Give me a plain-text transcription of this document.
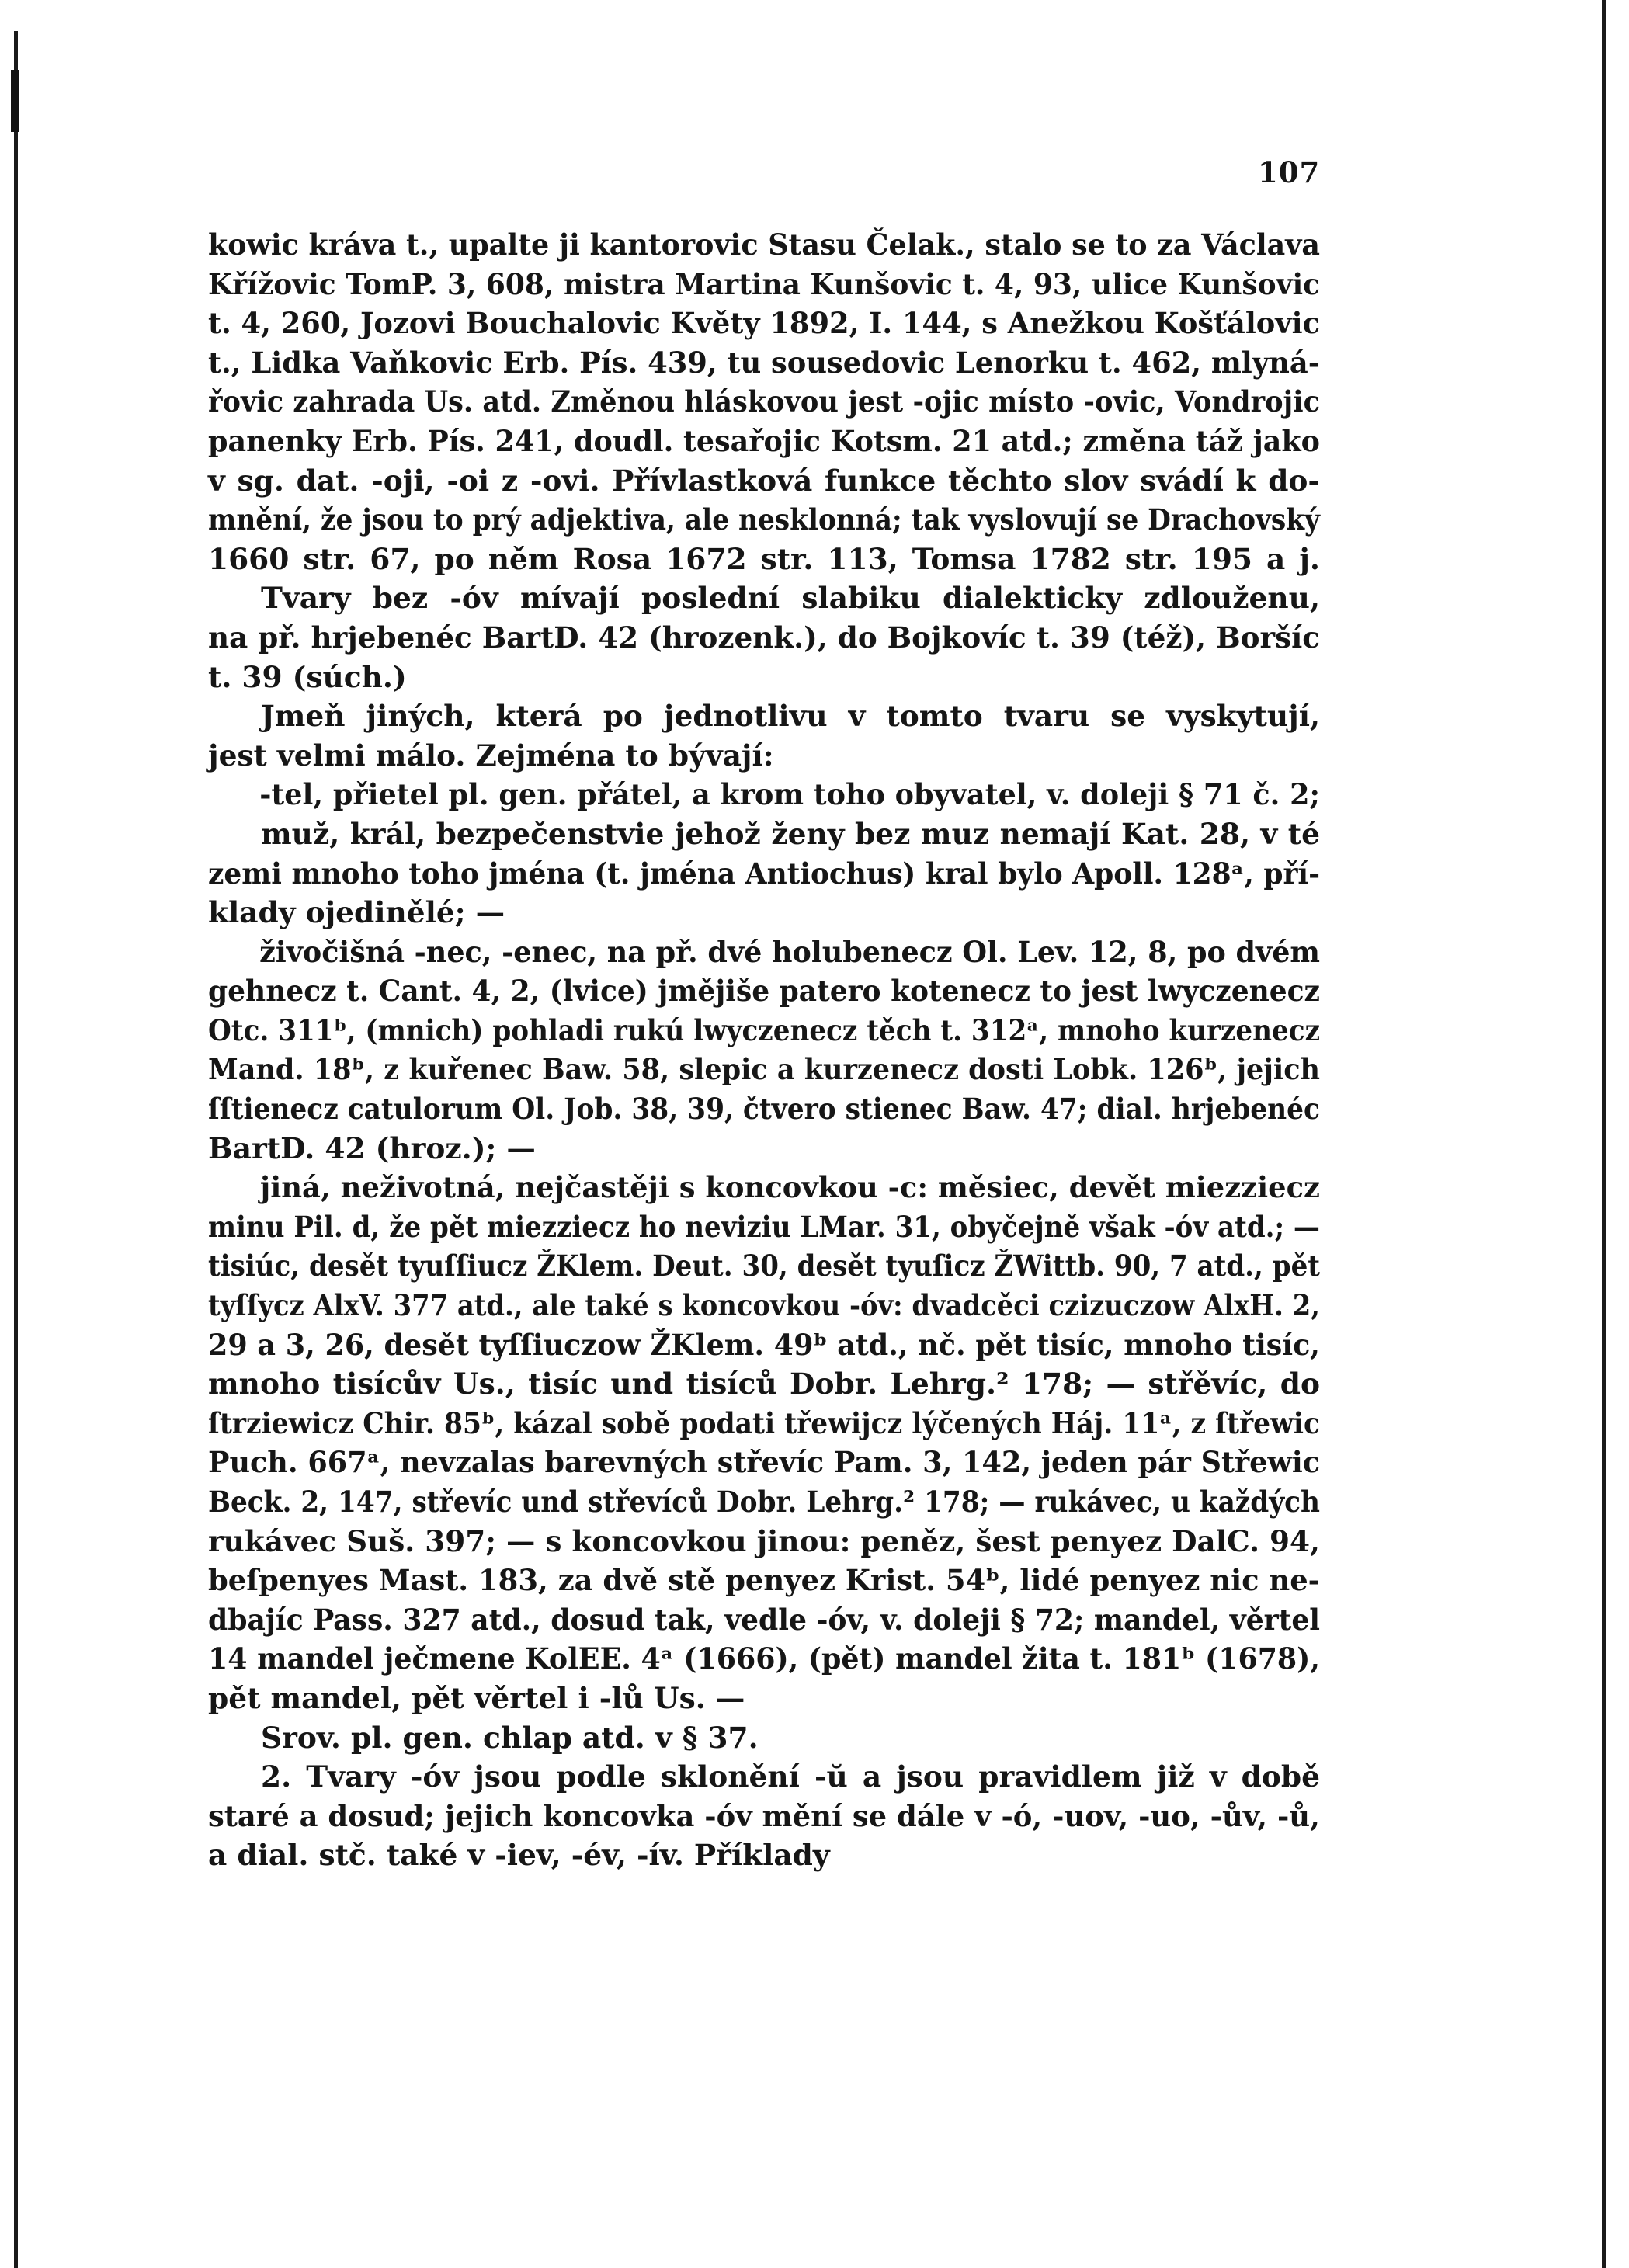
107
kowic kráva t., upalte ji kantorovic Stasu Čelak., stalo se to za Václava
Křížovic TomP. 3, 608, mistra Martina Kunšovic t. 4, 93, ulice Kunšovic
t. 4, 260, Jozovi Bouchalovic Květy 1892, I. 144, s Anežkou Košťálovic
t., Lidka Vaňkovic Erb. Pís. 439, tu sousedovic Lenorku t. 462, mlyná-
řovic zahrada Us. atd. Změnou hláskovou jest -ojic místo -ovic, Vondrojic
panenky Erb. Pís. 241, doudl. tesařojic Kotsm. 21 atd.; změna táž jako
v sg. dat. -oji, -oi z -ovi. Přívlastková funkce těchto slov svádí k do-
mnění, že jsou to prý adjektiva, ale nesklonná; tak vyslovují se Drachovský
1660 str. 67, po něm Rosa 1672 str. 113, Tomsa 1782 str. 195 a j.
Tvary bez -óv mívají poslední slabiku dialekticky zdlouženu,
na př. hrjebenéc BartD. 42 (hrozenk.), do Bojkovíc t. 39 (též), Boršíc
t. 39 (súch.)
Jmeň jiných, která po jednotlivu v tomto tvaru se vyskytují,
jest velmi málo. Zejména to bývají:
-tel, přietel pl. gen. přátel, a krom toho obyvatel, v. doleji § 71 č. 2;
muž, král, bezpečenstvie jehož ženy bez muz nemají Kat. 28, v té
zemi mnoho toho jména (t. jména Antiochus) kral bylo Apoll. 128ᵃ, pří-
klady ojedinělé; —
živočišná -nec, -enec, na př. dvé holubenecz Ol. Lev. 12, 8, po dvém
gehnecz t. Cant. 4, 2, (lvice) jmějiše patero kotenecz to jest lwyczenecz
Otc. 311ᵇ, (mnich) pohladi rukú lwyczenecz těch t. 312ᵃ, mnoho kurzenecz
Mand. 18ᵇ, z kuřenec Baw. 58, slepic a kurzenecz dosti Lobk. 126ᵇ, jejich
ſſtienecz catulorum Ol. Job. 38, 39, čtvero stienec Baw. 47; dial. hrjebenéc
BartD. 42 (hroz.); —
jiná, neživotná, nejčastěji s koncovkou -c: měsiec, devět miezziecz
minu Pil. d, že pět miezziecz ho neviziu LMar. 31, obyčejně však -óv atd.; —
tisiúc, desět tyuſſiucz ŽKlem. Deut. 30, desět tyuſicz ŽWittb. 90, 7 atd., pět
tyſſycz AlxV. 377 atd., ale také s koncovkou -óv: dvadcěci czizuczow AlxH. 2,
29 a 3, 26, desět tyſſiuczow ŽKlem. 49ᵇ atd., nč. pět tisíc, mnoho tisíc,
mnoho tisícův Us., tisíc und tisíců Dobr. Lehrg.² 178; — střěvíc, do
ſtrziewicz Chir. 85ᵇ, kázal sobě podati třewijcz lýčených Háj. 11ᵃ, z ſtřewic
Puch. 667ᵃ, nevzalas barevných střevíc Pam. 3, 142, jeden pár Střewic
Beck. 2, 147, střevíc und střevíců Dobr. Lehrg.² 178; — rukávec, u každých
rukávec Suš. 397; — s koncovkou jinou: peněz, šest penyez DalC. 94,
beſpenyes Mast. 183, za dvě stě penyez Krist. 54ᵇ, lidé penyez nic ne-
dbajíc Pass. 327 atd., dosud tak, vedle -óv, v. doleji § 72; mandel, věrtel
14 mandel ječmene KolEE. 4ᵃ (1666), (pět) mandel žita t. 181ᵇ (1678),
pět mandel, pět věrtel i -lů Us. —
Srov. pl. gen. chlap atd. v § 37.
2. Tvary -óv jsou podle sklonění -ŭ a jsou pravidlem již v době
staré a dosud; jejich koncovka -óv mění se dále v -ó, -uov, -uo, -ův, -ů,
a dial. stč. také v -iev, -év, -ív. Příklady
